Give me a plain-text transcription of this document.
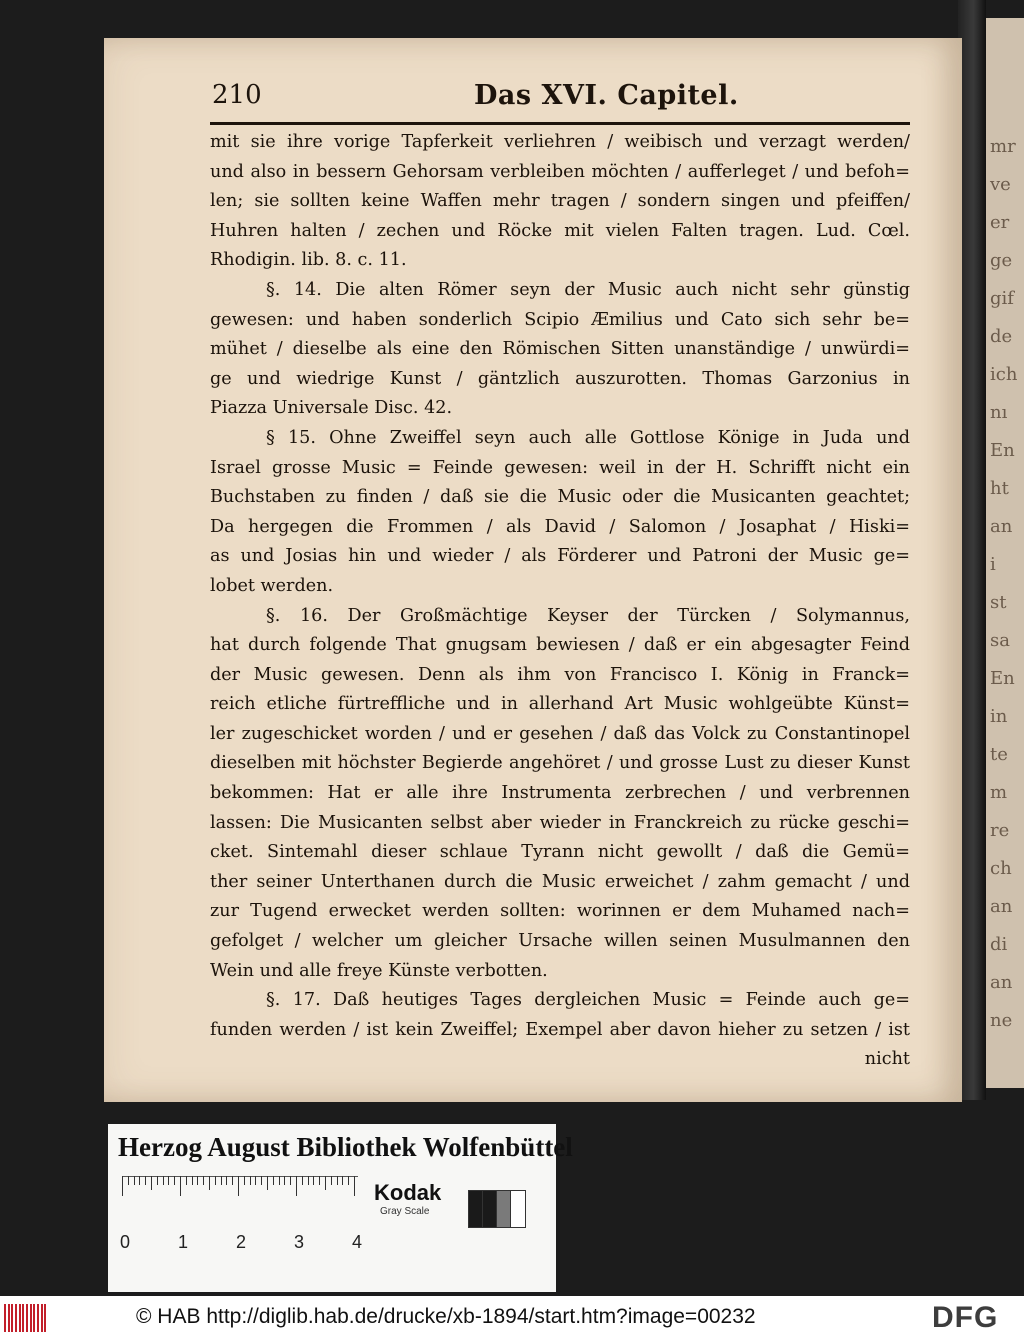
mr
ve
er
ge
gif
de
ich
nı
En
ht
an
i
st
sa
En
in
te
m
re
ch
an
di
an
ne
210	Das XVI. Capitel.
mit sie ihre vorige Tapferkeit verliehren / weibisch und verzagt werden/
und also in bessern Gehorsam verbleiben möchten / aufferleget / und befoh=
len; sie sollten keine Waffen mehr tragen / sondern singen und pfeiffen/
Huhren halten / zechen und Röcke mit vielen Falten tragen. Lud. Cœl.
Rhodigin. lib. 8. c. 11.
§. 14. Die alten Römer seyn der Music auch nicht sehr günstig
gewesen: und haben sonderlich Scipio Æmilius und Cato sich sehr be=
mühet / dieselbe als eine den Römischen Sitten unanständige / unwürdi=
ge und wiedrige Kunst / gäntzlich auszurotten. Thomas Garzonius in
Piazza Universale Disc. 42.
§ 15. Ohne Zweiffel seyn auch alle Gottlose Könige in Juda und
Israel grosse Music = Feinde gewesen: weil in der H. Schrifft nicht ein
Buchstaben zu finden / daß sie die Music oder die Musicanten geachtet;
Da hergegen die Frommen / als David / Salomon / Josaphat / Hiski=
as und Josias hin und wieder / als Förderer und Patroni der Music ge=
lobet werden.
§. 16. Der Großmächtige Keyser der Türcken / Solymannus,
hat durch folgende That gnugsam bewiesen / daß er ein abgesagter Feind
der Music gewesen. Denn als ihm von Francisco I. König in Franck=
reich etliche fürtreffliche und in allerhand Art Music wohlgeübte Künst=
ler zugeschicket worden / und er gesehen / daß das Volck zu Constantinopel
dieselben mit höchster Begierde angehöret / und grosse Lust zu dieser Kunst
bekommen: Hat er alle ihre Instrumenta zerbrechen / und verbrennen
lassen: Die Musicanten selbst aber wieder in Franckreich zu rücke geschi=
cket. Sintemahl dieser schlaue Tyrann nicht gewollt / daß die Gemü=
ther seiner Unterthanen durch die Music erweichet / zahm gemacht / und
zur Tugend erwecket werden sollten: worinnen er dem Muhamed nach=
gefolget / welcher um gleicher Ursache willen seinen Musulmannen den
Wein und alle freye Künste verbotten.
§. 17. Daß heutiges Tages dergleichen Music = Feinde auch ge=
funden werden / ist kein Zweiffel; Exempel aber davon hieher zu setzen / ist
nicht
Herzog August Bibliothek Wolfenbüttel
0	1	2	3	4
Kodak
Gray Scale
© HAB http://diglib.hab.de/drucke/xb-1894/start.htm?image=00232	DFG
